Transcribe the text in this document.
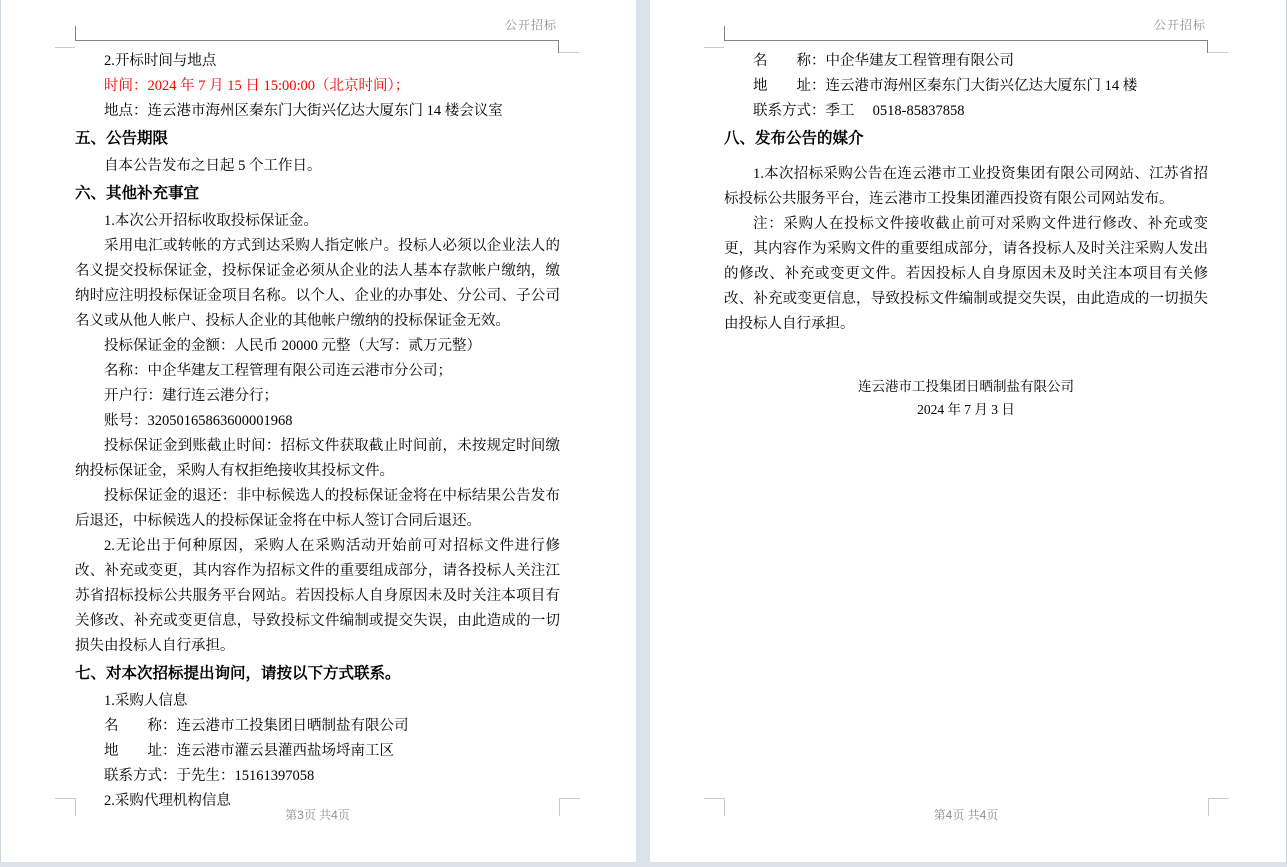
公开招标

2.开标时间与地点

时间：2024 年 7 月 15 日 15:00:00（北京时间）；

地点：连云港市海州区秦东门大街兴亿达大厦东门 14 楼会议室

五、公告期限

自本公告发布之日起 5 个工作日。

六、其他补充事宜

1.本次公开招标收取投标保证金。

采用电汇或转帐的方式到达采购人指定帐户。投标人必须以企业法人的名义提交投标保证金，投标保证金必须从企业的法人基本存款帐户缴纳，缴纳时应注明投标保证金项目名称。以个人、企业的办事处、分公司、子公司名义或从他人帐户、投标人企业的其他帐户缴纳的投标保证金无效。

投标保证金的金额：人民币 20000 元整（大写：贰万元整）

名称：中企华建友工程管理有限公司连云港市分公司；

开户行：建行连云港分行；

账号：32050165863600001968

投标保证金到账截止时间：招标文件获取截止时间前，未按规定时间缴纳投标保证金，采购人有权拒绝接收其投标文件。

投标保证金的退还：非中标候选人的投标保证金将在中标结果公告发布后退还，中标候选人的投标保证金将在中标人签订合同后退还。

2.无论出于何种原因，采购人在采购活动开始前可对招标文件进行修改、补充或变更，其内容作为招标文件的重要组成部分，请各投标人关注江苏省招标投标公共服务平台网站。若因投标人自身原因未及时关注本项目有关修改、补充或变更信息，导致投标文件编制或提交失误，由此造成的一切损失由投标人自行承担。

七、对本次招标提出询问，请按以下方式联系。

1.采购人信息

名　　称：连云港市工投集团日晒制盐有限公司

地　　址：连云港市灌云县灌西盐场埒南工区

联系方式：于先生：15161397058

2.采购代理机构信息

第3页 共4页
公开招标

名　　称：中企华建友工程管理有限公司

地　　址：连云港市海州区秦东门大街兴亿达大厦东门 14 楼

联系方式：季工　 0518-85837858

八、发布公告的媒介

1.本次招标采购公告在连云港市工业投资集团有限公司网站、江苏省招标投标公共服务平台，连云港市工投集团灌西投资有限公司网站发布。

注：采购人在投标文件接收截止前可对采购文件进行修改、补充或变更，其内容作为采购文件的重要组成部分，请各投标人及时关注采购人发出的修改、补充或变更文件。若因投标人自身原因未及时关注本项目有关修改、补充或变更信息，导致投标文件编制或提交失误，由此造成的一切损失由投标人自行承担。

连云港市工投集团日晒制盐有限公司

2024 年 7 月 3 日

第4页 共4页
